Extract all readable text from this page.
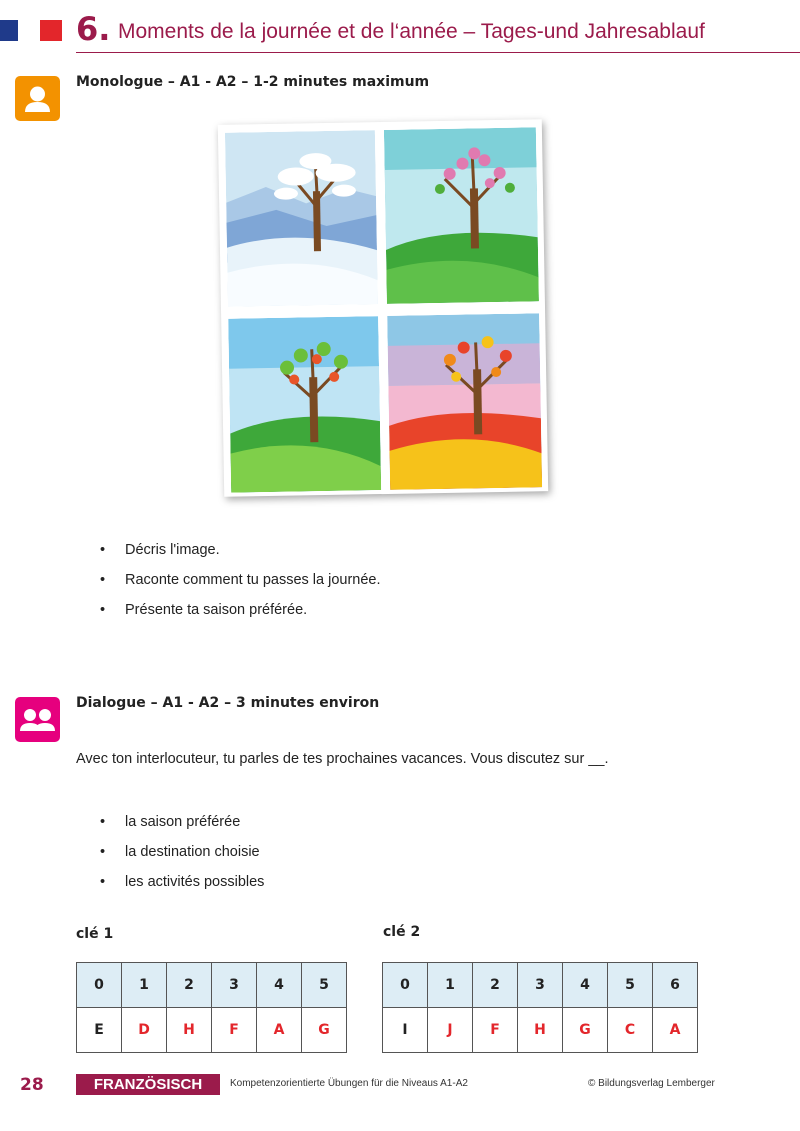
6. Moments de la journée et de l‘année – Tages-und Jahresablauf
Monologue – A1 - A2 – 1-2 minutes maximum
• Décris l'image.
• Raconte comment tu passes la journée.
• Présente ta saison préférée.
Dialogue – A1 - A2 – 3 minutes environ
Avec ton interlocuteur, tu parles de tes prochaines vacances. Vous discutez sur __.
• la saison préférée
• la destination choisie
• les activités possibles
clé 1
0	1	2	3	4	5
E	D	H	F	A	G
clé 2
0	1	2	3	4	5	6
I	J	F	H	G	C	A
28	FRANZÖSISCH	Kompetenzorientierte Übungen für die Niveaus A1-A2	© Bildungsverlag Lemberger
